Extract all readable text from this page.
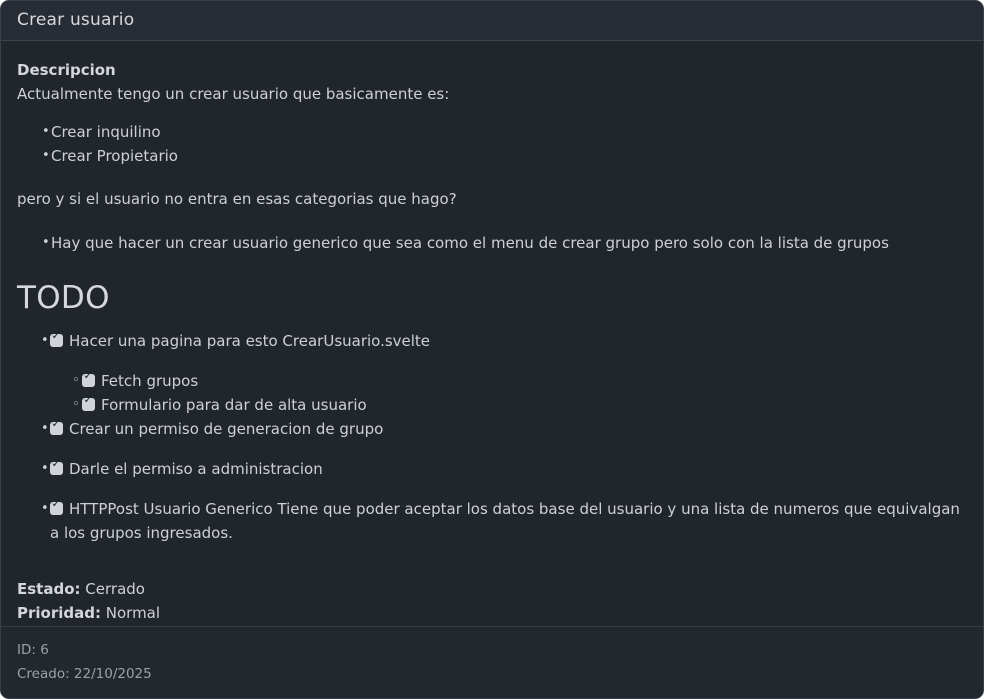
Crear usuario

Descripcion

Actualmente tengo un crear usuario que basicamente es:

• Crear inquilino
• Crear Propietario

pero y si el usuario no entra en esas categorias que hago?

• Hay que hacer un crear usuario generico que sea como el menu de crear grupo pero solo con la lista de grupos
TODO
✓• Hacer una pagina para esto CrearUsuario.svelte
✓◦ Fetch grupos
✓◦ Formulario para dar de alta usuario
✓• Crear un permiso de generacion de grupo
✓• Darle el permiso a administracion
✓• HTTPPost Usuario Generico Tiene que poder aceptar los datos base del usuario y una lista de numeros que equivalgan a los grupos ingresados.

Estado: Cerrado

Prioridad: Normal

ID: 6

Creado: 22/10/2025
